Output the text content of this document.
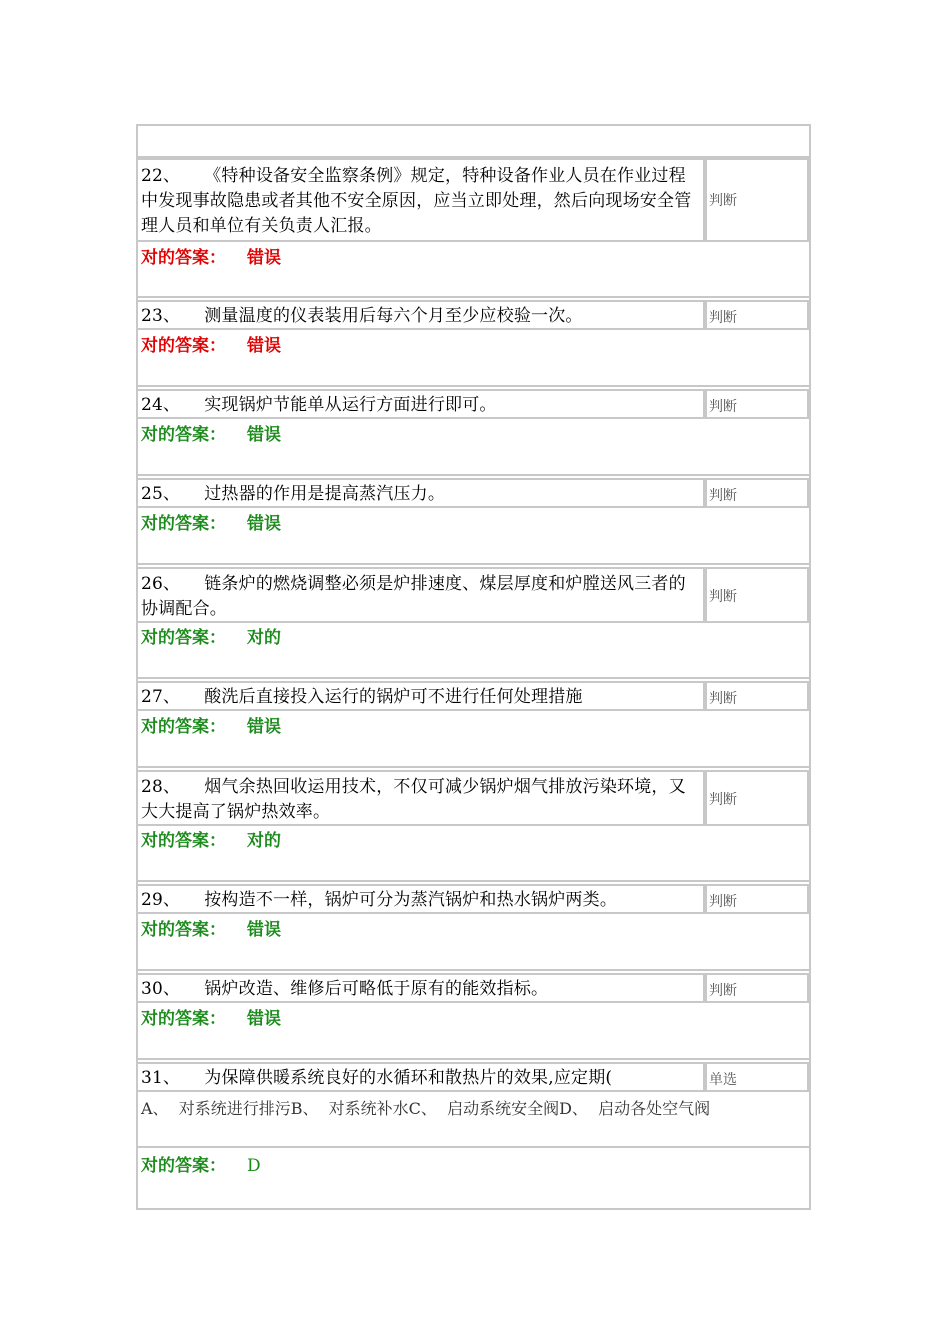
22、 《特种设备安全监察条例》规定，特种设备作业人员在作业过程中发现事故隐患或者其他不安全原因，应当立即处理，然后向现场安全管理人员和单位有关负责人汇报。
判断
对的答案： 错误
23、 测量温度的仪表装用后每六个月至少应校验一次。	判断
对的答案： 错误
24、 实现锅炉节能单从运行方面进行即可。	判断
对的答案： 错误
25、 过热器的作用是提高蒸汽压力。	判断
对的答案： 错误
26、 链条炉的燃烧调整必须是炉排速度、煤层厚度和炉膛送风三者的协调配合。
判断
对的答案： 对的
27、 酸洗后直接投入运行的锅炉可不进行任何处理措施	判断
对的答案： 错误
28、 烟气余热回收运用技术，不仅可减少锅炉烟气排放污染环境，又大大提高了锅炉热效率。
判断
对的答案： 对的
29、 按构造不一样，锅炉可分为蒸汽锅炉和热水锅炉两类。	判断
对的答案： 错误
30、 锅炉改造、维修后可略低于原有的能效指标。	判断
对的答案： 错误
31、 为保障供暖系统良好的水循环和散热片的效果,应定期(	单选
A、  对系统进行排污B、  对系统补水C、  启动系统安全阀D、  启动各处空气阀
对的答案： D
